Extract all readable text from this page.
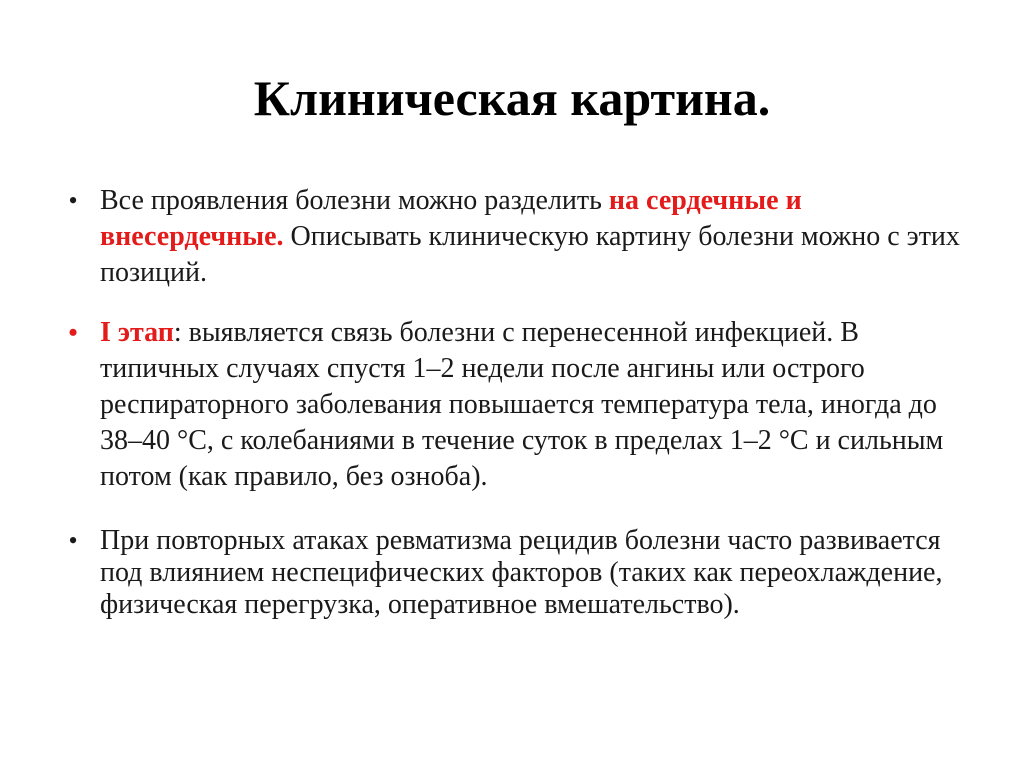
Клиническая картина.
• Все проявления болезни можно разделить на сердечные и внесердечные. Описывать клиническую картину болезни можно с этих позиций.
• I этап: выявляется связь болезни с перенесенной инфекцией. В типичных случаях спустя 1–2 недели после ангины или острого респираторного заболевания повышается температура тела, иногда до 38–40 °С, с колебаниями в течение суток в пределах 1–2 °С и сильным потом (как правило, без озноба).
• При повторных атаках ревматизма рецидив болезни часто развивается под влиянием неспецифических факторов (таких как переохлаждение, физическая перегрузка, оперативное вмешательство).
